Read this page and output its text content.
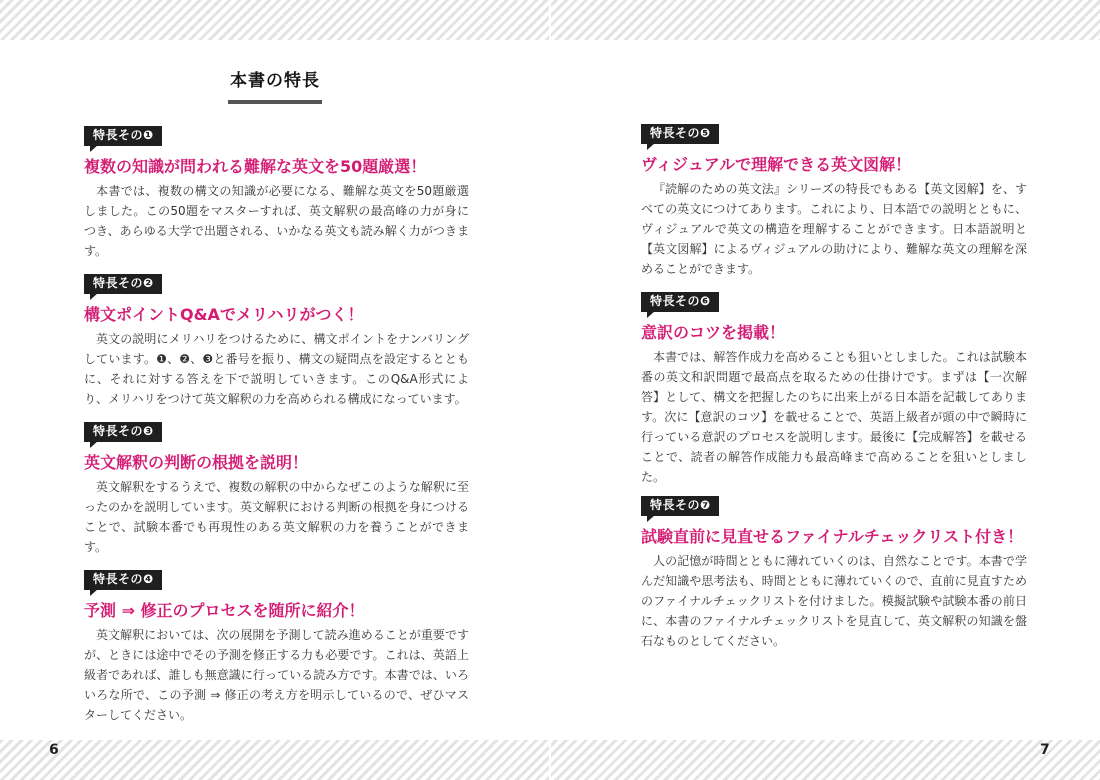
本書の特長
特長その❶
複数の知識が問われる難解な英文を50題厳選！
本書では、複数の構文の知識が必要になる、難解な英文を50題厳選しました。この50題をマスターすれば、英文解釈の最高峰の力が身につき、あらゆる大学で出題される、いかなる英文も読み解く力がつきます。
特長その❷
構文ポイントQ&Aでメリハリがつく！
英文の説明にメリハリをつけるために、構文ポイントをナンバリングしています。❶、❷、❸と番号を振り、構文の疑問点を設定するとともに、それに対する答えを下で説明していきます。このQ&A形式により、メリハリをつけて英文解釈の力を高められる構成になっています。
特長その❸
英文解釈の判断の根拠を説明！
英文解釈をするうえで、複数の解釈の中からなぜこのような解釈に至ったのかを説明しています。英文解釈における判断の根拠を身につけることで、試験本番でも再現性のある英文解釈の力を養うことができます。
特長その❹
予測 ⇒ 修正のプロセスを随所に紹介！
英文解釈においては、次の展開を予測して読み進めることが重要ですが、ときには途中でその予測を修正する力も必要です。これは、英語上級者であれば、誰しも無意識に行っている読み方です。本書では、いろいろな所で、この予測 ⇒ 修正の考え方を明示しているので、ぜひマスターしてください。
特長その❺
ヴィジュアルで理解できる英文図解！
『読解のための英文法』シリーズの特長でもある【英文図解】を、すべての英文につけてあります。これにより、日本語での説明とともに、ヴィジュアルで英文の構造を理解することができます。日本語説明と【英文図解】によるヴィジュアルの助けにより、難解な英文の理解を深めることができます。
特長その❻
意訳のコツを掲載！
本書では、解答作成力を高めることも狙いとしました。これは試験本番の英文和訳問題で最高点を取るための仕掛けです。まずは【一次解答】として、構文を把握したのちに出来上がる日本語を記載してあります。次に【意訳のコツ】を載せることで、英語上級者が頭の中で瞬時に行っている意訳のプロセスを説明します。最後に【完成解答】を載せることで、読者の解答作成能力も最高峰まで高めることを狙いとしました。
特長その❼
試験直前に見直せるファイナルチェックリスト付き！
人の記憶が時間とともに薄れていくのは、自然なことです。本書で学んだ知識や思考法も、時間とともに薄れていくので、直前に見直すためのファイナルチェックリストを付けました。模擬試験や試験本番の前日に、本書のファイナルチェックリストを見直して、英文解釈の知識を盤石なものとしてください。
6	7
